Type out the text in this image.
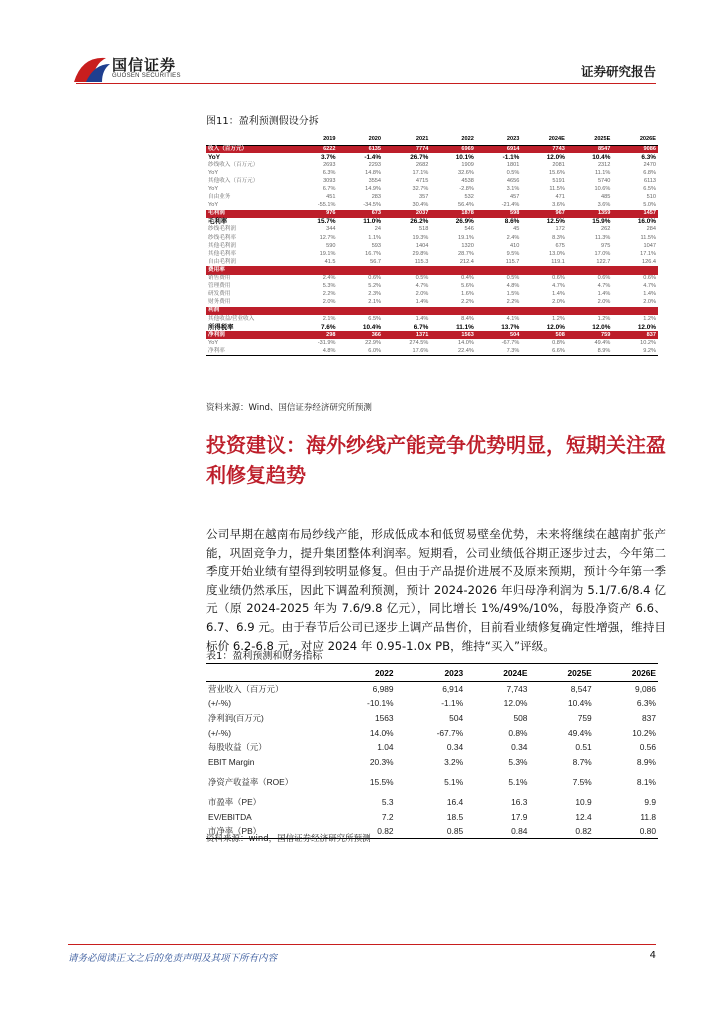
国信证券
GUOSEN SECURITIES	证券研究报告
图11：盈利预测假设分拆
	2019	2020	2021	2022	2023	2024E	2025E	2026E
收入（百万元）	6222	6135	7774	6969	6914	7743	8547	9086
YoY	3.7%	-1.4%	26.7%	10.1%	-1.1%	12.0%	10.4%	6.3%
纱线收入（百万元）	2693	2293	2682	1909	1801	2081	2312	2470
YoY	6.3%	14.8%	17.1%	32.6%	0.5%	15.6%	11.1%	6.8%
其他收入（百万元）	3093	3554	4715	4538	4656	5191	5740	6113
YoY	6.7%	14.9%	32.7%	-2.8%	3.1%	11.5%	10.6%	6.5%
自由业务	451	283	357	532	457	471	485	510
YoY	-55.1%	-34.5%	30.4%	56.4%	-21.4%	3.6%	3.6%	5.0%
毛利润	976	673	2037	1878	598	967	1359	1457
毛利率	15.7%	11.0%	26.2%	26.9%	8.6%	12.5%	15.9%	16.0%
纱线毛利润	344	24	518	546	45	172	262	284
纱线毛利率	12.7%	1.1%	19.3%	19.1%	2.4%	8.3%	11.3%	11.5%
其他毛利润	590	593	1404	1320	410	675	975	1047
其他毛利率	19.1%	16.7%	29.8%	28.7%	9.5%	13.0%	17.0%	17.1%
自由毛利润	41.5	56.7	115.3	212.4	115.7	119.1	122.7	126.4
费用率								
销售费用	2.4%	0.6%	0.5%	0.4%	0.5%	0.6%	0.6%	0.6%
管理费用	5.3%	5.2%	4.7%	5.6%	4.8%	4.7%	4.7%	4.7%
研发费用	2.2%	2.3%	2.0%	1.6%	1.5%	1.4%	1.4%	1.4%
财务费用	2.0%	2.1%	1.4%	2.2%	2.2%	2.0%	2.0%	2.0%
利润								
其他收益/营业收入	2.1%	6.5%	1.4%	8.4%	4.1%	1.2%	1.2%	1.2%
所得税率	7.6%	10.4%	6.7%	11.1%	13.7%	12.0%	12.0%	12.0%
净利润	298	366	1371	1563	504	508	759	837
YoY	-31.9%	22.9%	274.5%	14.0%	-67.7%	0.8%	49.4%	10.2%
净利率	4.8%	6.0%	17.6%	22.4%	7.3%	6.6%	8.9%	9.2%
资料来源：Wind、国信证券经济研究所预测
投资建议：海外纱线产能竞争优势明显，短期关注盈利修复趋势
公司早期在越南布局纱线产能，形成低成本和低贸易壁垒优势，未来将继续在越南扩张产能，巩固竞争力，提升集团整体利润率。短期看，公司业绩低谷期正逐步过去，今年第二季度开始业绩有望得到较明显修复。但由于产品提价进展不及原来预期，预计今年第一季度业绩仍然承压，因此下调盈利预测，预计 2024-2026 年归母净利润为 5.1/7.6/8.4 亿元（原 2024-2025 年为 7.6/9.8 亿元），同比增长 1%/49%/10%，每股净资产 6.6、6.7、6.9 元。由于春节后公司已逐步上调产品售价，目前看业绩修复确定性增强，维持目标价 6.2-6.8 元，对应 2024 年 0.95-1.0x PB，维持“买入”评级。
表1：盈利预测和财务指标
	2022	2023	2024E	2025E	2026E
营业收入（百万元）	6,989	6,914	7,743	8,547	9,086
(+/-%)	-10.1%	-1.1%	12.0%	10.4%	6.3%
净利润(百万元)	1563	504	508	759	837
(+/-%)	14.0%	-67.7%	0.8%	49.4%	10.2%
每股收益（元）	1.04	0.34	0.34	0.51	0.56
EBIT Margin	20.3%	3.2%	5.3%	8.7%	8.9%
净资产收益率（ROE）	15.5%	5.1%	5.1%	7.5%	8.1%
市盈率（PE）	5.3	16.4	16.3	10.9	9.9
EV/EBITDA	7.2	18.5	17.9	12.4	11.8
市净率（PB）	0.82	0.85	0.84	0.82	0.80
资料来源：wind，国信证券经济研究所预测
请务必阅读正文之后的免责声明及其项下所有内容	4
